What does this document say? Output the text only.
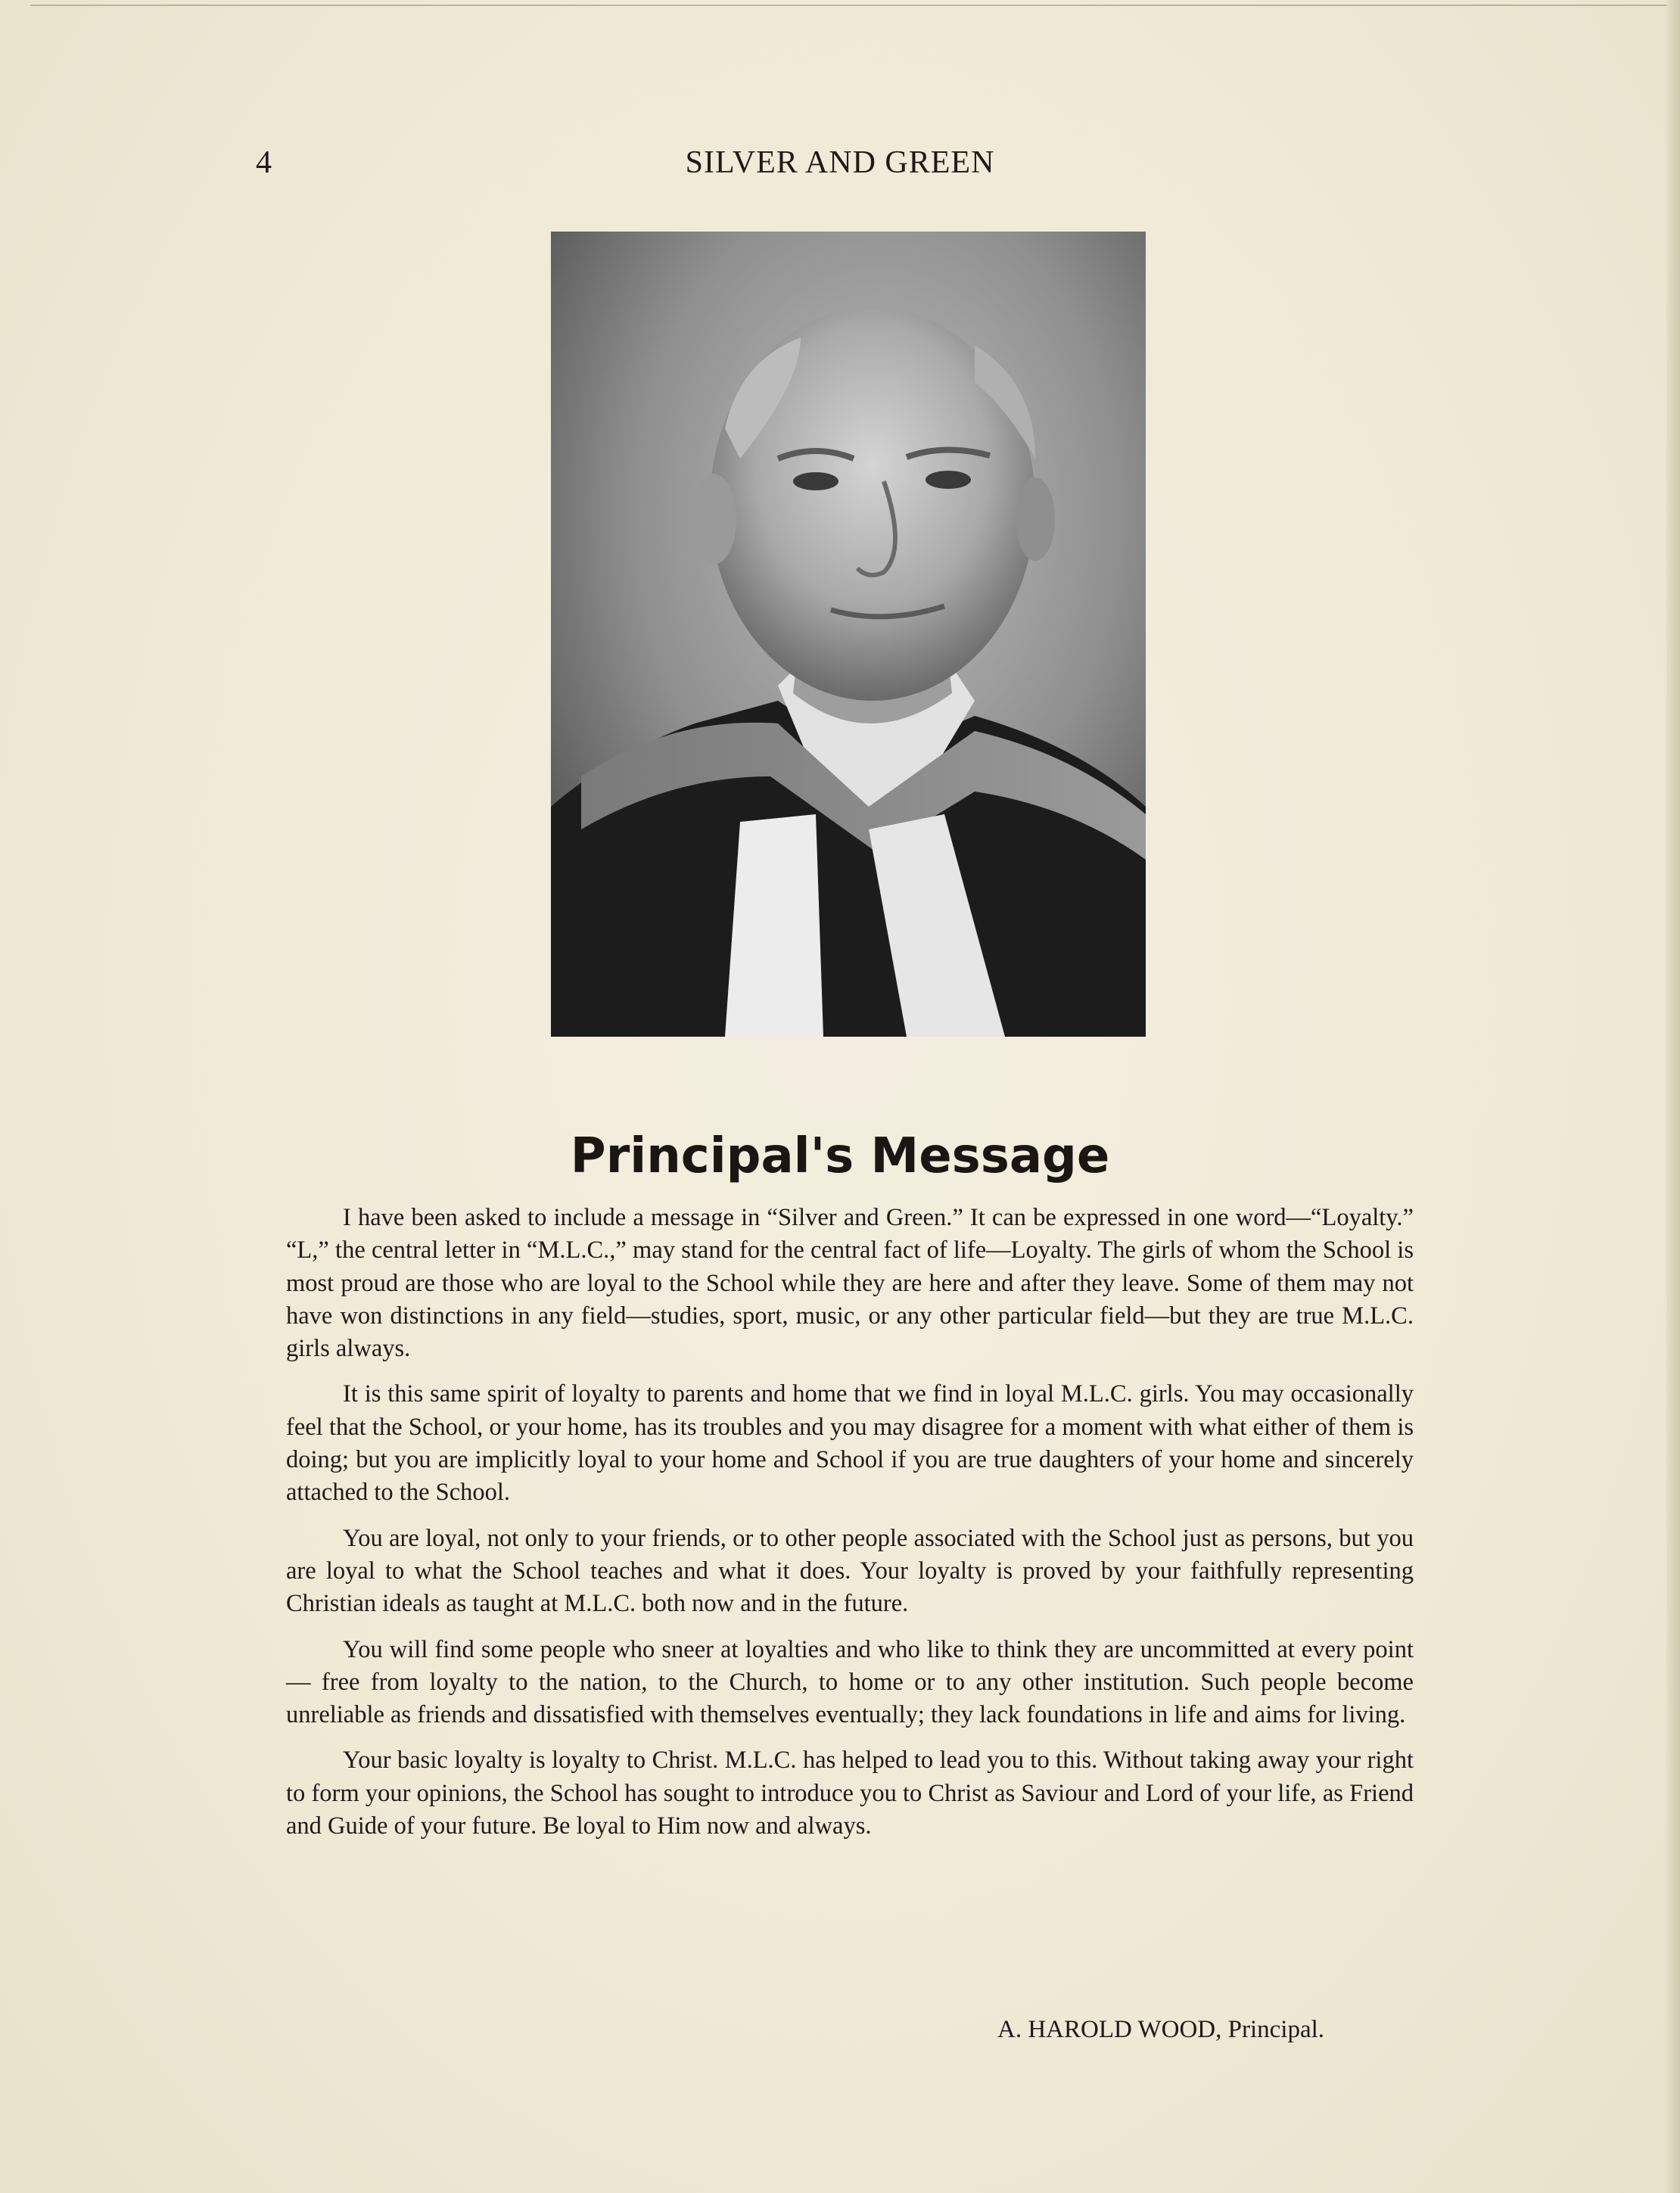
4	SILVER AND GREEN
Principal's Message

I have been asked to include a message in “Silver and Green.” It can be expressed in one word—“Loyalty.” “L,” the central letter in “M.L.C.,” may stand for the central fact of life—Loyalty. The girls of whom the School is most proud are those who are loyal to the School while they are here and after they leave. Some of them may not have won distinctions in any field—studies, sport, music, or any other particular field—but they are true M.L.C. girls always.

It is this same spirit of loyalty to parents and home that we find in loyal M.L.C. girls. You may occasionally feel that the School, or your home, has its troubles and you may disagree for a moment with what either of them is doing; but you are implicitly loyal to your home and School if you are true daughters of your home and sincerely attached to the School.

You are loyal, not only to your friends, or to other people associated with the School just as persons, but you are loyal to what the School teaches and what it does. Your loyalty is proved by your faithfully representing Christian ideals as taught at M.L.C. both now and in the future.

You will find some people who sneer at loyalties and who like to think they are uncommitted at every point — free from loyalty to the nation, to the Church, to home or to any other institution. Such people become unreliable as friends and dissatisfied with themselves eventually; they lack foundations in life and aims for living.

Your basic loyalty is loyalty to Christ. M.L.C. has helped to lead you to this. Without taking away your right to form your opinions, the School has sought to introduce you to Christ as Saviour and Lord of your life, as Friend and Guide of your future. Be loyal to Him now and always.

A. HAROLD WOOD, Principal.
